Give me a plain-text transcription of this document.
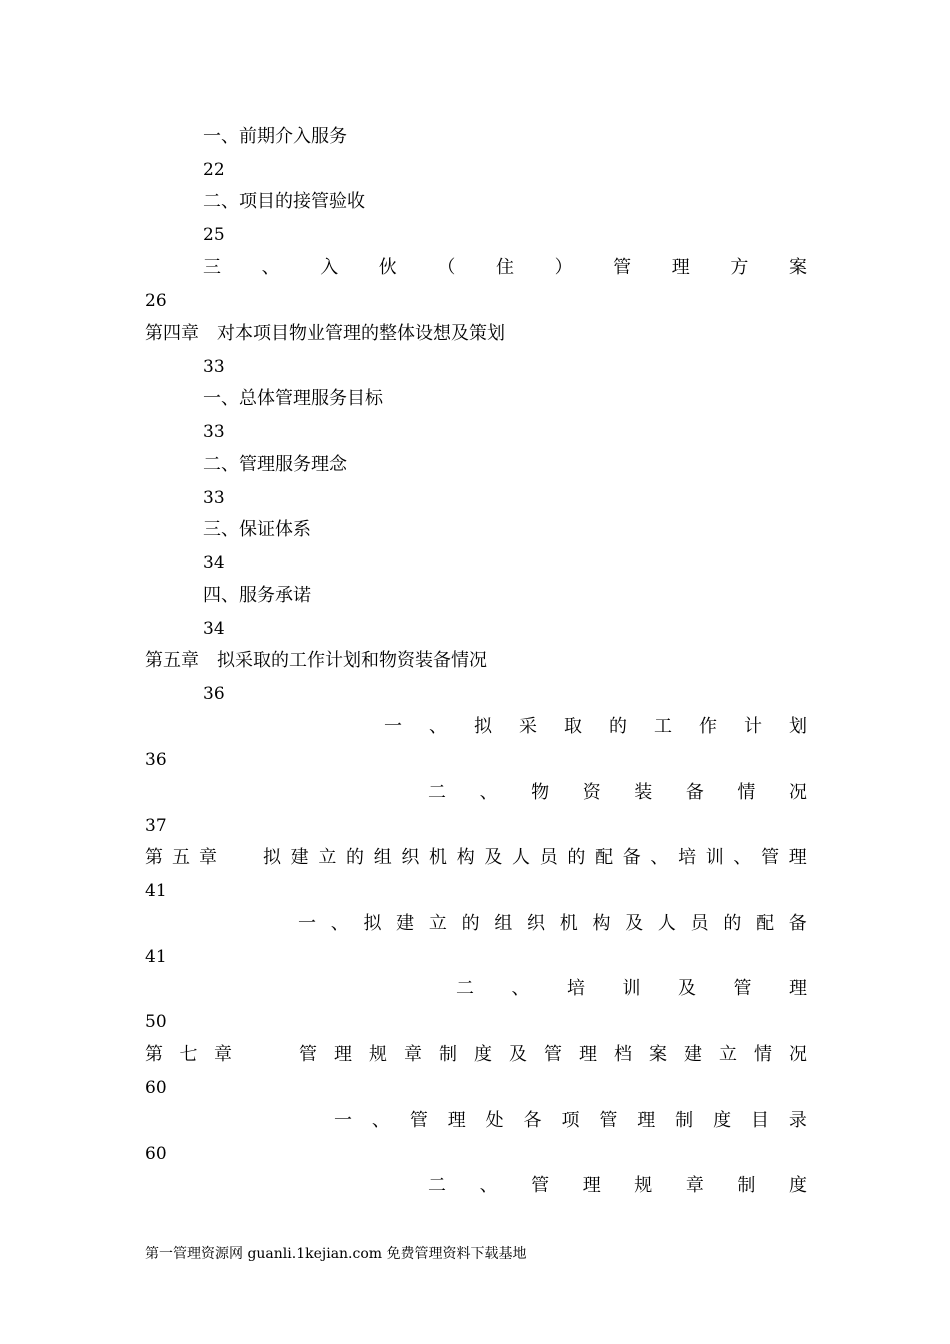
一、前期介入服务
22
二、项目的接管验收
25
三 、 入 伙 （ 住 ） 管 理 方 案
26
第四章　对本项目物业管理的整体设想及策划
33
一、总体管理服务目标
33
二、管理服务理念
33
三、保证体系
34
四、服务承诺
34
第五章　拟采取的工作计划和物资装备情况
36
一 、 拟 采 取 的 工 作 计 划
36
二 、 物 资 装 备 情 况
37
第 五 章	拟 建 立 的 组 织 机 构 及 人 员 的 配 备 、 培 训 、 管 理
41
一 、 拟 建 立 的 组 织 机 构 及 人 员 的 配 备
41
二 、 培 训 及 管 理
50
第 七 章	管 理 规 章 制 度 及 管 理 档 案 建 立 情 况
60
一 、 管 理 处 各 项 管 理 制 度 目 录
60
二 、 管 理 规 章 制 度
第一管理资源网 guanli.1kejian.com 免费管理资料下载基地
